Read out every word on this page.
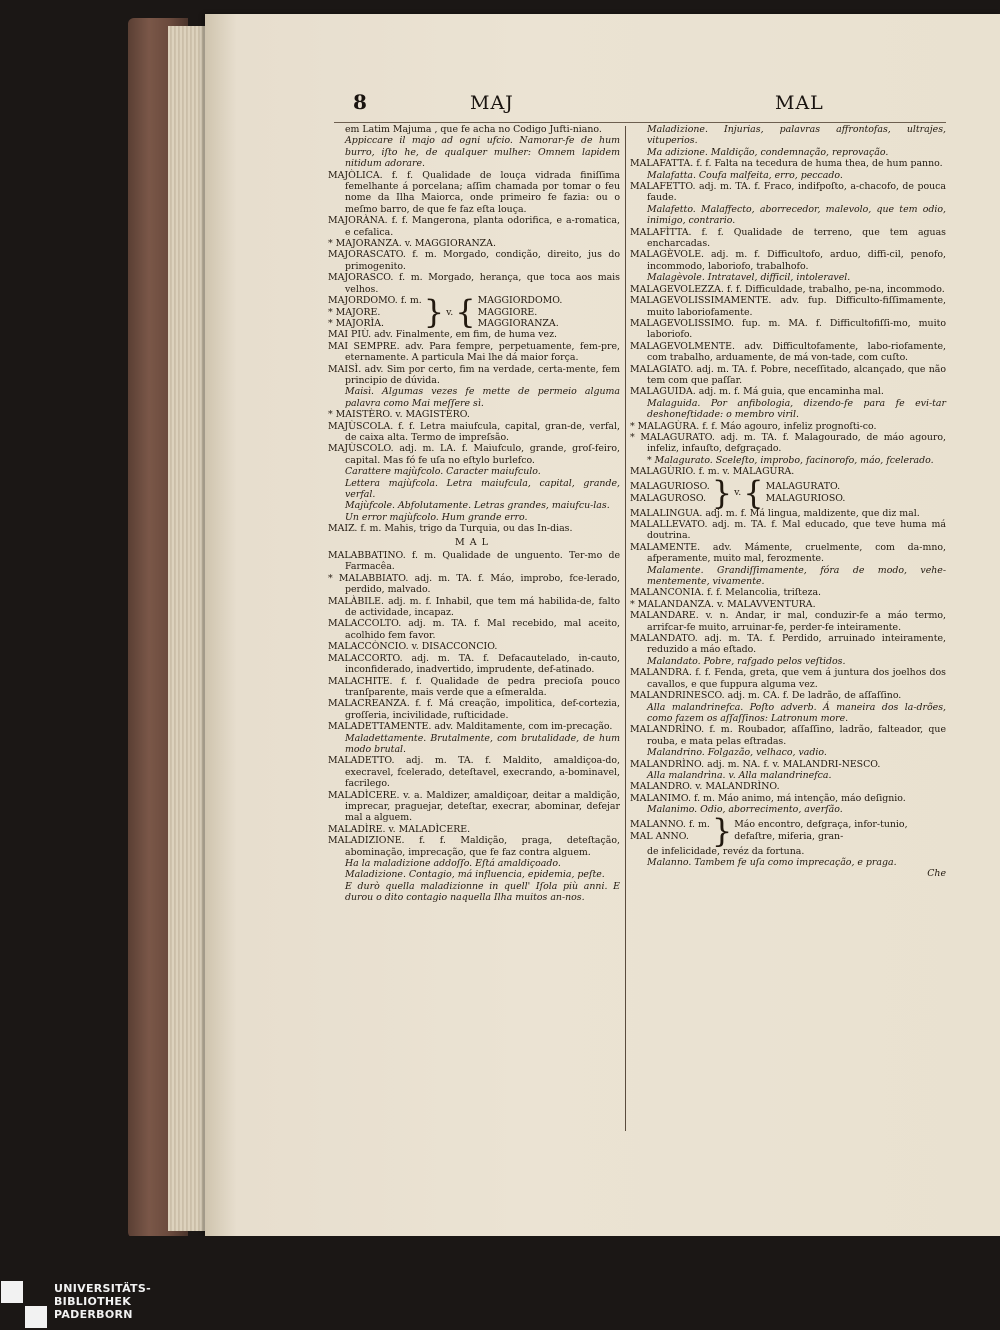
8	MAJ	MAL

em Latim Majuma , que fe acha no Codigo Jufti-niano.

Appiccare il majo ad ogni ufcio. Namorar-fe de hum burro, iſto he, de qualquer mulher: Omnem lapidem nitidum adorare.

MAJÒLICA. f. f. Qualidade de louça vidrada finiſſima femelhante á porcelana; aſſim chamada por tomar o feu nome da Ilha Maiorca, onde primeiro fe fazia: ou o meſmo barro, de que fe faz eſta louça.

MAJORÀNA. f. f. Mangerona, planta odorifica, e a-romatica, e cefalica.

* MAJORANZA. v. MAGGIORANZA.

MAJORASCATO. f. m. Morgado, condição, direito, jus do primogenito.

MAJORASCO. f. m. Morgado, herança, que toca aos mais velhos.

MAJORDOMO. f. m.
* MAJORE.
* MAJORÌA.	} v. { MAGGIORDOMO.
MAGGIORE.
MAGGIORANZA.

MAI PIÙ. adv. Finalmente, em fim, de huma vez.

MAI SEMPRE. adv. Para fempre, perpetuamente, fem-pre, eternamente. A particula Mai lhe dá maior força.

MAISÌ. adv. Sim por certo, fim na verdade, certa-mente, fem principio de dúvida.

Maisì. Algumas vezes fe mette de permeio alguma palavra como Mai meſſere sì.

* MAISTÈRO. v. MAGISTÈRO.

MAJÙSCOLA. f. f. Letra maiufcula, capital, gran-de, verfal, de caixa alta. Termo de impreſsão.

MAJÙSCOLO. adj. m. LA. f. Maiufculo, grande, groſ-feiro, capital. Mas fó fe uſa no eſtylo burlefco.

Carattere majùfcolo. Caracter maiufculo.

Lettera majùfcola. Letra maiufcula, capital, grande, verfal.

Majùfcole. Abfolutamente. Letras grandes, maiufcu-las.

Un error majùfcolo. Hum grande erro.

MAIZ. f. m. Mahis, trigo da Turquia, ou das In-dias.

MAL

MALABBATINO. f. m. Qualidade de unguento. Ter-mo de Farmacêa.

* MALABBIATO. adj. m. TA. f. Máo, improbo, fce-lerado, perdido, malvado.

MALÀBILE. adj. m. f. Inhabil, que tem má habilida-de, falto de actividade, incapaz.

MALACCOLTO. adj. m. TA. f. Mal recebido, mal aceito, acolhido fem favor.

MALACCÒNCIO. v. DISACCONCIO.

MALACCORTO. adj. m. TA. f. Defacautelado, in-cauto, inconfiderado, inadvertido, imprudente, def-atinado.

MALACHITE. f. f. Qualidade de pedra precioſa pouco tranſparente, mais verde que a eſmeralda.

MALACREANZA. f. f. Má creação, impolitica, def-cortezia, groſſeria, incivilidade, ruſticidade.

MALADETTAMENTE. adv. Malditamente, com im-precação.

Maladettamente. Brutalmente, com brutalidade, de hum modo brutal.

MALADETTO. adj. m. TA. f. Maldito, amaldiçoa-do, execravel, fcelerado, deteſtavel, execrando, a-bominavel, facrilego.

MALADÌCERE. v. a. Maldizer, amaldiçoar, deitar a maldição, imprecar, praguejar, deteſtar, execrar, abominar, defejar mal a alguem.

MALADÌRE. v. MALADÌCERE.

MALADIZIONE. f. f. Maldição, praga, deteſtação, abominação, imprecação, que fe faz contra alguem.

Ha la maladizione addoſſo. Eſtá amaldiçoado.

Maladizione. Contagio, má influencia, epidemia, peſte.

E durò quella maladizionne in quell' Iſola più anni. E durou o dito contagio naquella Ilha muitos an-nos.

Maladizione. Injurias, palavras affrontofas, ultrajes, vituperios.

Ma adizione. Maldição, condemnação, reprovação.

MALAFATTA. f. f. Falta na tecedura de huma thea, de hum panno.

Malafatta. Coufa malfeita, erro, peccado.

MALAFETTO. adj. m. TA. f. Fraco, indifpoſto, a-chacofo, de pouca faude.

Malafetto. Malaffecto, aborrecedor, malevolo, que tem odio, inimigo, contrario.

MALAFÌTTA. f. f. Qualidade de terreno, que tem aguas encharcadas.

MALAGÈVOLE. adj. m. f. Difficultofo, arduo, diffi-cil, penofo, incommodo, laboriofo, trabalhofo.

Malagèvole. Intratavel, difficil, intoleravel.

MALAGEVOLEZZA. f. f. Difficuldade, trabalho, pe-na, incommodo.

MALAGEVOLISSIMAMENTE. adv. fup. Difficulto-fiſſimamente, muito laboriofamente.

MALAGEVOLISSIMO. fup. m. MA. f. Difficultofiſſi-mo, muito laboriofo.

MALAGEVOLMENTE. adv. Difficultofamente, labo-riofamente, com trabalho, arduamente, de má von-tade, com cuſto.

MALAGIATO. adj. m. TA. f. Pobre, neceſſitado, alcançado, que não tem com que paſſar.

MALAGUIDA. adj. m. f. Má guia, que encaminha mal.

Malaguida. Por anfibologia, dizendo-fe para fe evi-tar deshoneſtidade: o membro viril.

* MALAGÙRA. f. f. Máo agouro, infeliz prognoſti-co.

* MALAGURATO. adj. m. TA. f. Malagourado, de máo agouro, infeliz, infauſto, defgraçado.

* Malagurato. Sceleſto, improbo, facinorofo, máo, fcelerado.

MALAGÙRIO. f. m. v. MALAGÙRA.

MALAGURIOSO.
MALAGUROSO. } v. { MALAGURATO.
MALAGURIOSO.

MALALINGUA. adj. m. f. Má lingua, maldizente, que diz mal.

MALALLEVATO. adj. m. TA. f. Mal educado, que teve huma má doutrina.

MALAMENTE. adv. Mámente, cruelmente, com da-mno, afperamente, muito mal, ferozmente.

Malamente. Grandiſſimamente, fóra de modo, vehe-mentemente, vivamente.

MALANCONIA. f. f. Melancolia, triſteza.

* MALANDANZA. v. MALAVVENTURA.

MALANDARE. v. n. Andar, ir mal, conduzir-fe a máo termo, arrifcar-fe muito, arruinar-fe, perder-fe inteiramente.

MALANDATO. adj. m. TA. f. Perdido, arruinado inteiramente, reduzido a máo eſtado.

Malandato. Pobre, rafgado pelos veſtidos.

MALANDRA. f. f. Fenda, greta, que vem á juntura dos joelhos dos cavallos, e que fuppura alguma vez.

MALANDRINESCO. adj. m. CA. f. De ladrão, de aſſaſſino.

Alla malandrinefca. Poſto adverb. Á maneira dos la-drões, como fazem os aſſaſſinos: Latronum more.

MALANDRÌNO. f. m. Roubador, aſſaſſino, ladrão, falteador, que rouba, e mata pelas eſtradas.

Malandrino. Folgazão, velhaco, vadio.

MALANDRÌNO. adj. m. NA. f. v. MALANDRI-NESCO.

Alla malandrìna. v. Alla malandrinefca.

MALANDRO. v. MALANDRÌNO.

MALANIMO. f. m. Máo animo, má intenção, máo deſignio.

Malanimo. Odio, aborrecimento, averſão.

MALANNO. f. m.
MAL ANNO. } Máo encontro, defgraça, infor-tunio, defaſtre, miferia, gran-

de infelicidade, revéz da fortuna.

Malanno. Tambem fe uſa como imprecação, e praga.

Che

UNIVERSITÄTS-
BIBLIOTHEK
PADERBORN
